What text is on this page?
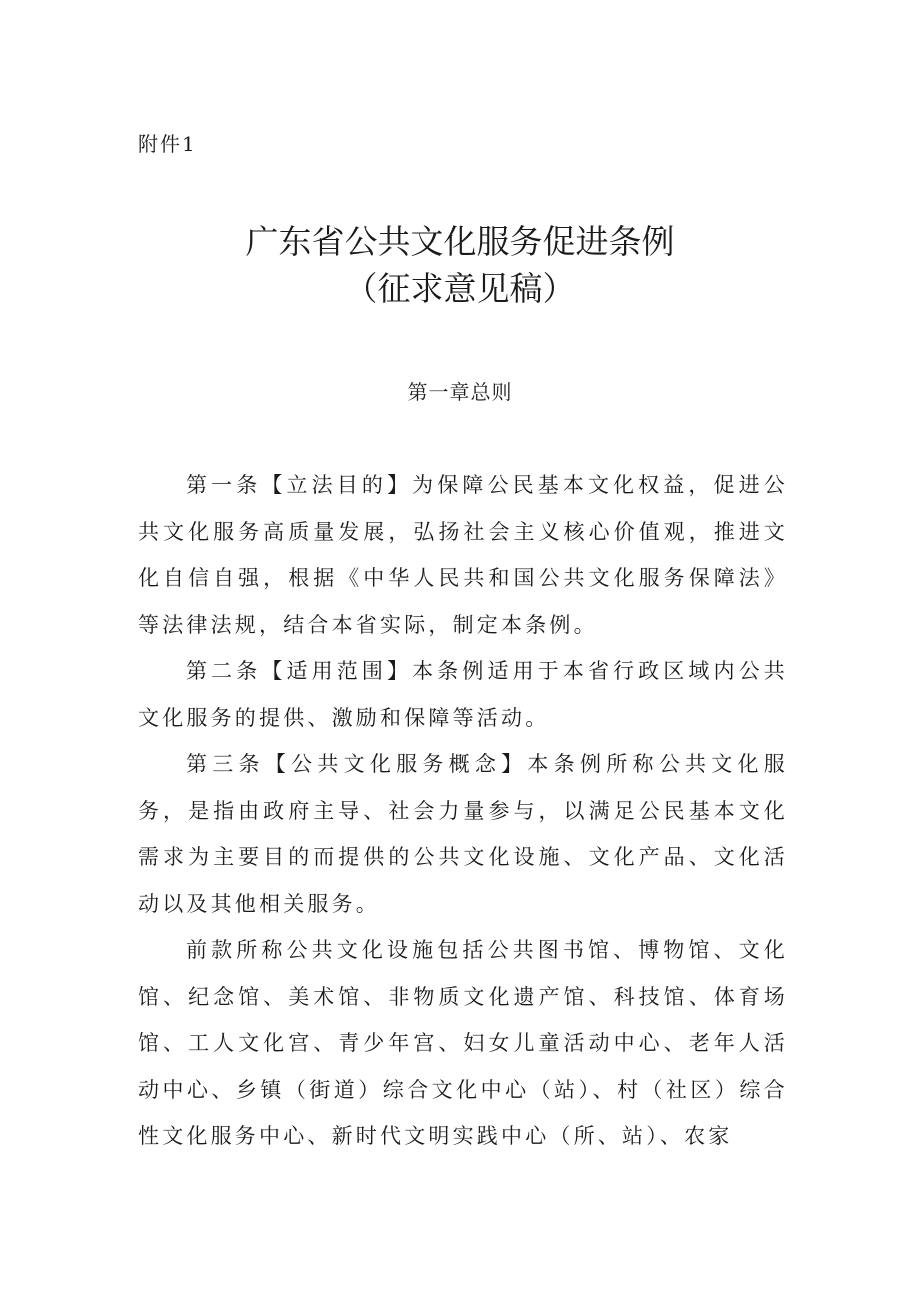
附件1
广东省公共文化服务促进条例
（征求意见稿）
第一章总则

第一条【立法目的】为保障公民基本文化权益，促进公共文化服务高质量发展，弘扬社会主义核心价值观，推进文化自信自强，根据《中华人民共和国公共文化服务保障法》等法律法规，结合本省实际，制定本条例。

第二条【适用范围】本条例适用于本省行政区域内公共文化服务的提供、激励和保障等活动。

第三条【公共文化服务概念】本条例所称公共文化服务，是指由政府主导、社会力量参与，以满足公民基本文化需求为主要目的而提供的公共文化设施、文化产品、文化活动以及其他相关服务。

前款所称公共文化设施包括公共图书馆、博物馆、文化馆、纪念馆、美术馆、非物质文化遗产馆、科技馆、体育场馆、工人文化宫、青少年宫、妇女儿童活动中心、老年人活动中心、乡镇（街道）综合文化中心（站）、村（社区）综合性文化服务中心、新时代文明实践中心（所、站）、农家
